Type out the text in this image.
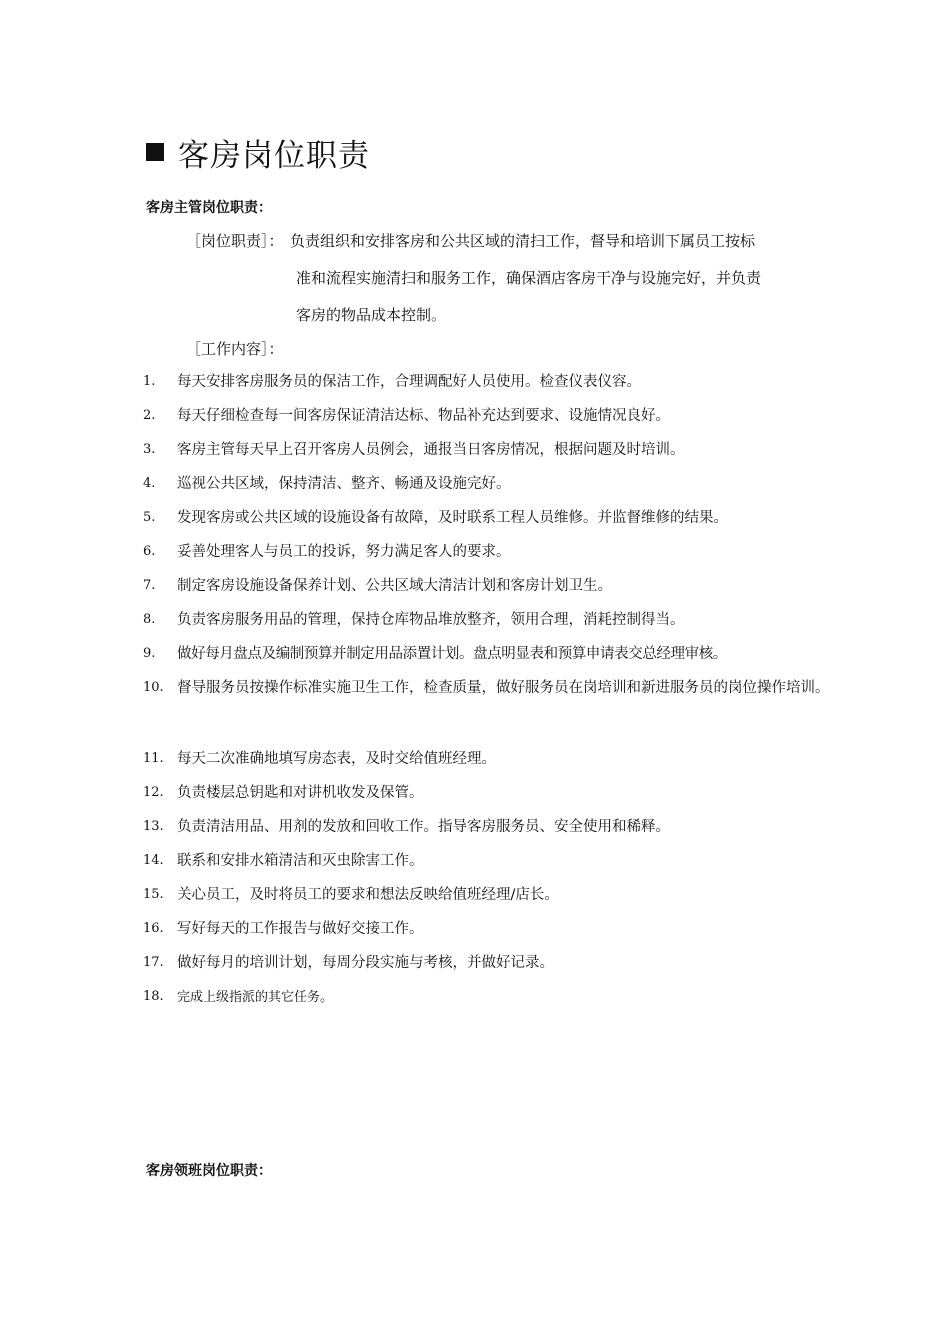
客房岗位职责
客房主管岗位职责：
［岗位职责］： 负责组织和安排客房和公共区域的清扫工作，督导和培训下属员工按标
准和流程实施清扫和服务工作，确保酒店客房干净与设施完好，并负责
客房的物品成本控制。
［工作内容］：
1.	每天安排客房服务员的保洁工作，合理调配好人员使用。检查仪表仪容。
2.	每天仔细检查每一间客房保证清洁达标、物品补充达到要求、设施情况良好。
3.	客房主管每天早上召开客房人员例会，通报当日客房情况，根据问题及时培训。
4.	巡视公共区域，保持清洁、整齐、畅通及设施完好。
5.	发现客房或公共区域的设施设备有故障，及时联系工程人员维修。并监督维修的结果。
6.	妥善处理客人与员工的投诉，努力满足客人的要求。
7.	制定客房设施设备保养计划、公共区域大清洁计划和客房计划卫生。
8.	负责客房服务用品的管理，保持仓库物品堆放整齐，领用合理，消耗控制得当。
9.	做好每月盘点及编制预算并制定用品添置计划。盘点明显表和预算申请表交总经理审核。
10. 督导服务员按操作标准实施卫生工作，检查质量，做好服务员在岗培训和新进服务员的岗位操作培训。
11. 每天二次准确地填写房态表，及时交给值班经理。
12. 负责楼层总钥匙和对讲机收发及保管。
13. 负责清洁用品、用剂的发放和回收工作。指导客房服务员、安全使用和稀释。
14. 联系和安排水箱清洁和灭虫除害工作。
15. 关心员工，及时将员工的要求和想法反映给值班经理/店长。
16. 写好每天的工作报告与做好交接工作。
17. 做好每月的培训计划，每周分段实施与考核，并做好记录。
18.	完成上级指派的其它任务。
客房领班岗位职责：
